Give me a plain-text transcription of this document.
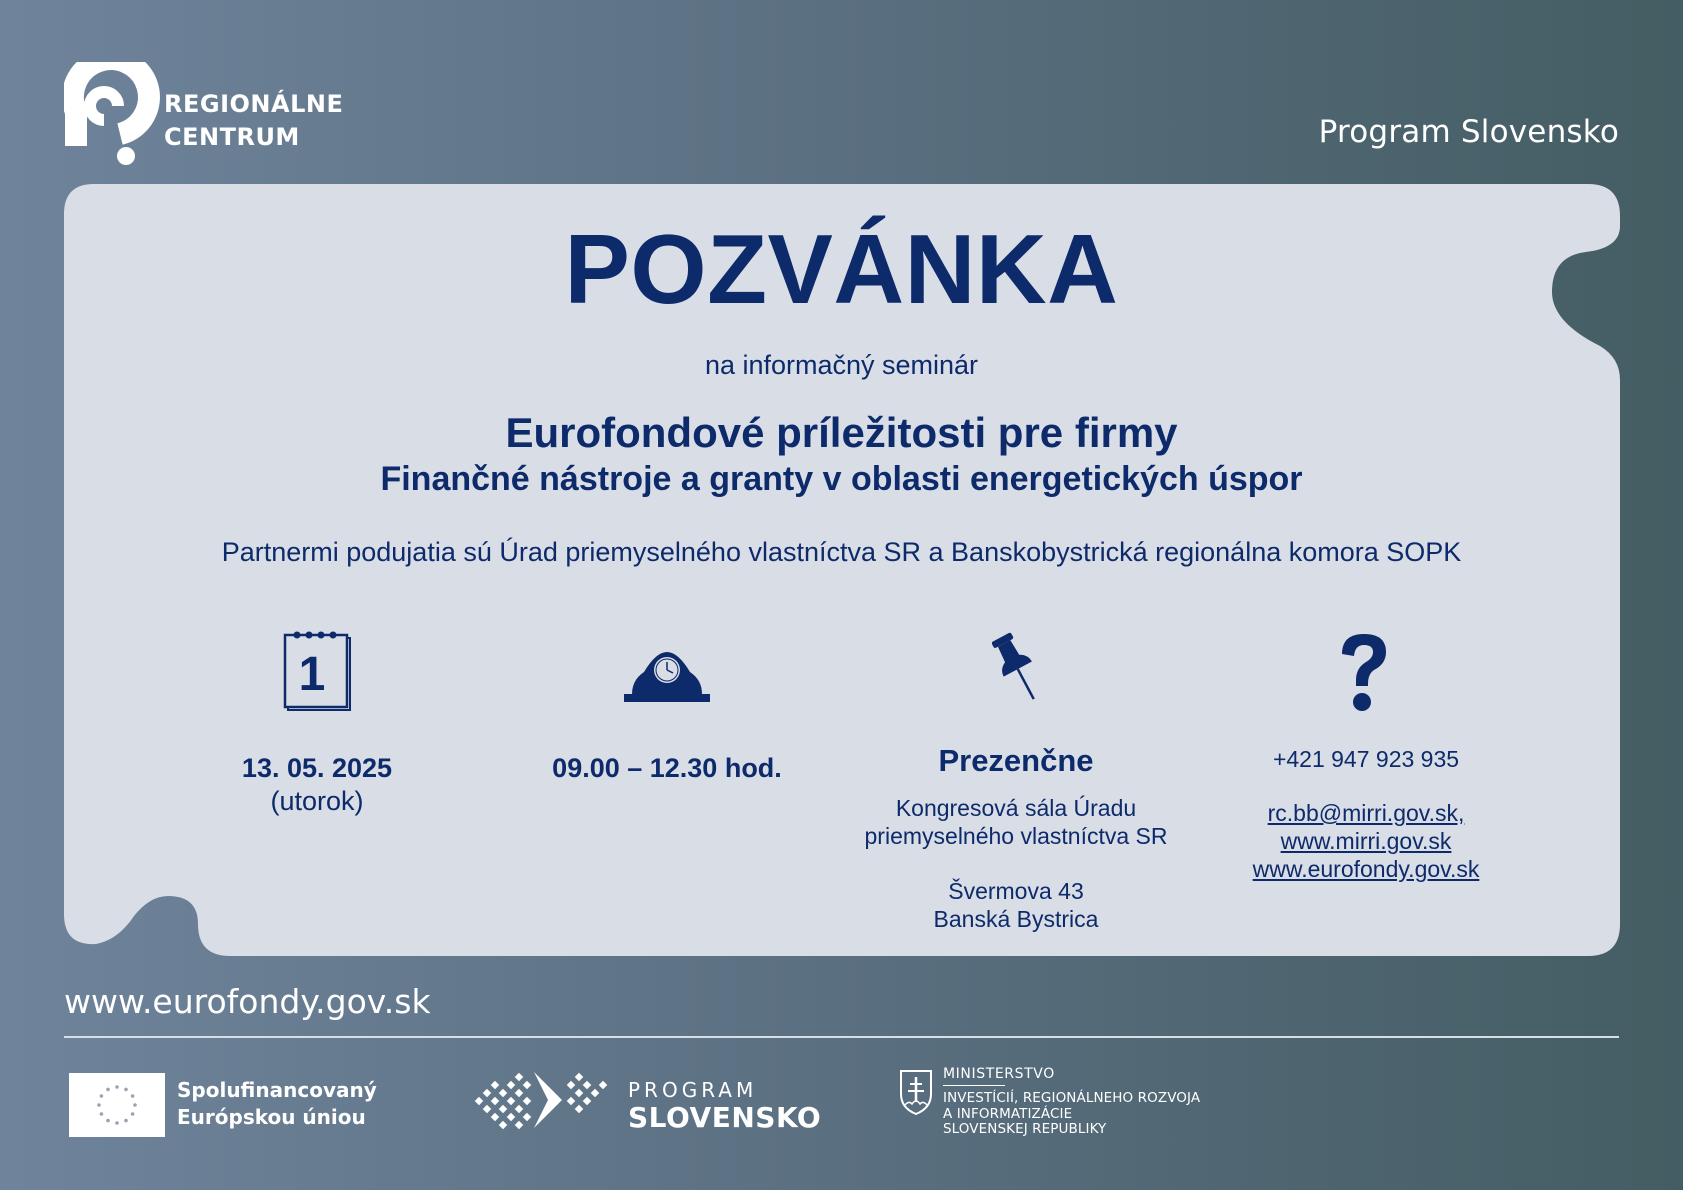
REGIONÁLNE
CENTRUM	Program Slovensko
POZVÁNKA
na informačný seminár
Eurofondové príležitosti pre firmy
Finančné nástroje a granty v oblasti energetických úspor
Partnermi podujatia sú Úrad priemyselného vlastníctva SR a Banskobystrická regionálna komora SOPK
1
13. 05. 2025
(utorok)
09.00 – 12.30 hod.	Prezenčne
Kongresová sála Úradu
priemyselného vlastníctva SR
Švermova 43
Banská Bystrica
+421 947 923 935
rc.bb@mirri.gov.sk,
www.mirri.gov.sk
www.eurofondy.gov.sk
www.eurofondy.gov.sk
Spolufinancovaný
Európskou úniou
PROGRAM
SLOVENSKO
MINISTERSTVO
INVESTÍCIÍ, REGIONÁLNEHO ROZVOJA
A INFORMATIZÁCIE
SLOVENSKEJ REPUBLIKY
